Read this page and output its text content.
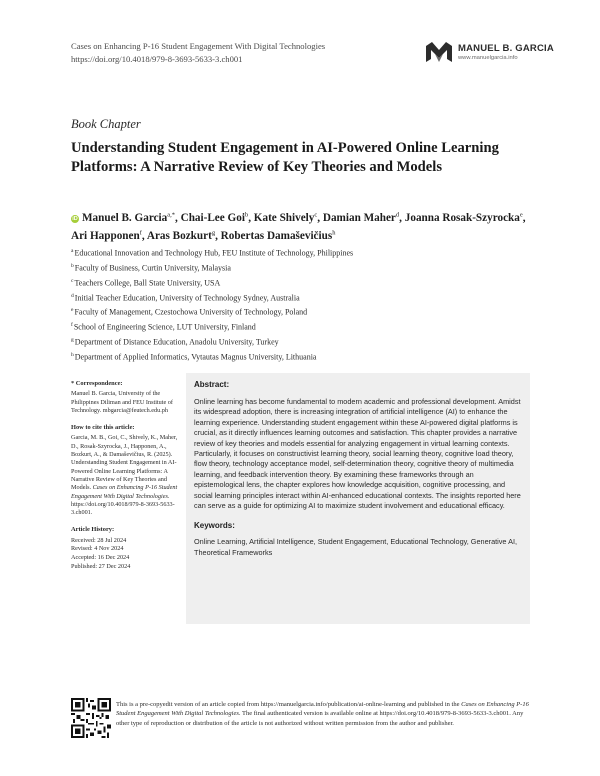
Cases on Enhancing P-16 Student Engagement With Digital Technologies
https://doi.org/10.4018/979-8-3693-5633-3.ch001
MANUEL B. GARCIA
www.manuelgarcia.info
Book Chapter
Understanding Student Engagement in AI-Powered Online Learning Platforms: A Narrative Review of Key Theories and Models
iD Manuel B. Garcia$^{a,*}$, Chai-Lee Goi$^b$, Kate Shively$^c$, Damian Maher$^d$, Joanna Rosak-Szyrocka$^e$, Ari Happonen$^f$, Aras Bozkurt$^g$, Robertas Damaševičius$^h$
$^a$Educational Innovation and Technology Hub, FEU Institute of Technology, Philippines
$^b$Faculty of Business, Curtin University, Malaysia
$^c$Teachers College, Ball State University, USA
$^d$Initial Teacher Education, University of Technology Sydney, Australia
$^e$Faculty of Management, Czestochowa University of Technology, Poland
$^f$School of Engineering Science, LUT University, Finland
$^g$Department of Distance Education, Anadolu University, Turkey
$^h$Department of Applied Informatics, Vytautas Magnus University, Lithuania
* Correspondence:
Manuel B. Garcia, University of the Philippines Diliman and FEU Institute of Technology. mbgarcia@feutech.edu.ph
How to cite this article:
Garcia, M. B., Goi, C., Shively, K., Maher, D., Rosak-Szyrocka, J., Happonen, A., Bozkurt, A., & Damaševičius, R. (2025). Understanding Student Engagement in AI-Powered Online Learning Platforms: A Narrative Review of Key Theories and Models. Cases on Enhancing P-16 Student Engagement With Digital Technologies. https://doi.org/10.4018/979-8-3693-5633-3.ch001.
Article History:
Received: 28 Jul 2024
Revised: 4 Nov 2024
Accepted: 16 Dec 2024
Published: 27 Dec 2024
Abstract:
Online learning has become fundamental to modern academic and professional development. Amidst its widespread adoption, there is increasing integration of artificial intelligence (AI) to enhance the learning experience. Understanding student engagement within these AI-powered digital platforms is crucial, as it directly influences learning outcomes and satisfaction. This chapter provides a narrative review of key theories and models essential for analyzing engagement in virtual learning contexts. Particularly, it focuses on constructivist learning theory, social learning theory, cognitive load theory, flow theory, technology acceptance model, self-determination theory, cognitive theory of multimedia learning, and feedback intervention theory. By examining these frameworks through an epistemological lens, the chapter explores how knowledge acquisition, cognitive processing, and social learning principles interact within AI-enhanced educational contexts. The insights reported here can serve as a guide for optimizing AI to maximize student involvement and educational efficacy.
Keywords:
Online Learning, Artificial Intelligence, Student Engagement, Educational Technology, Generative AI, Theoretical Frameworks
This is a pre-copyedit version of an article copied from https://manuelgarcia.info/publication/ai-online-learning and published in the Cases on Enhancing P-16 Student Engagement With Digital Technologies. The final authenticated version is available online at https://doi.org/10.4018/979-8-3693-5633-3.ch001. Any other type of reproduction or distribution of the article is not authorized without written permission from the author and publisher.
